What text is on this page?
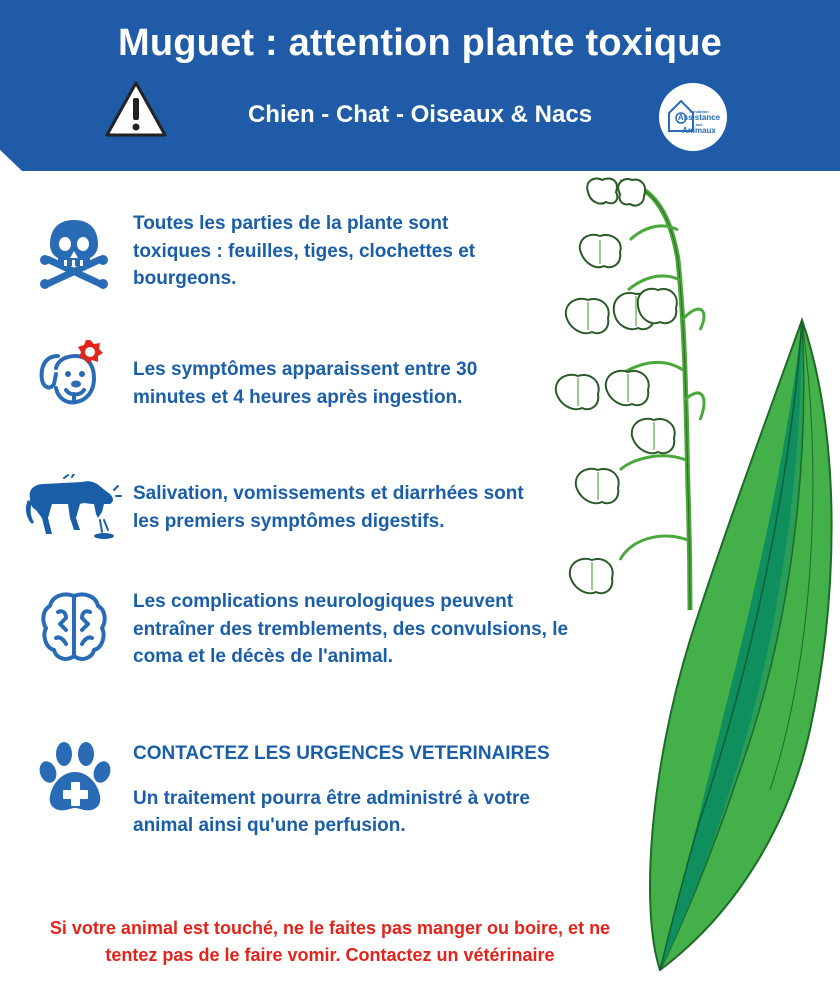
Muguet : attention plante toxique
Chien - Chat - Oiseaux & Nacs	Fondation
Assistance
aux
Animaux
Toutes les parties de la plante sont
toxiques : feuilles, tiges, clochettes et
bourgeons.
Les symptômes apparaissent entre 30
minutes et 4 heures après ingestion.
Salivation, vomissements et diarrhées sont
les premiers symptômes digestifs.
Les complications neurologiques peuvent
entraîner des tremblements, des convulsions, le
coma et le décès de l'animal.
CONTACTEZ LES URGENCES VETERINAIRES
Un traitement pourra être administré à votre
animal ainsi qu'une perfusion.
Si votre animal est touché, ne le faites pas manger ou boire, et ne
tentez pas de le faire vomir. Contactez un vétérinaire
